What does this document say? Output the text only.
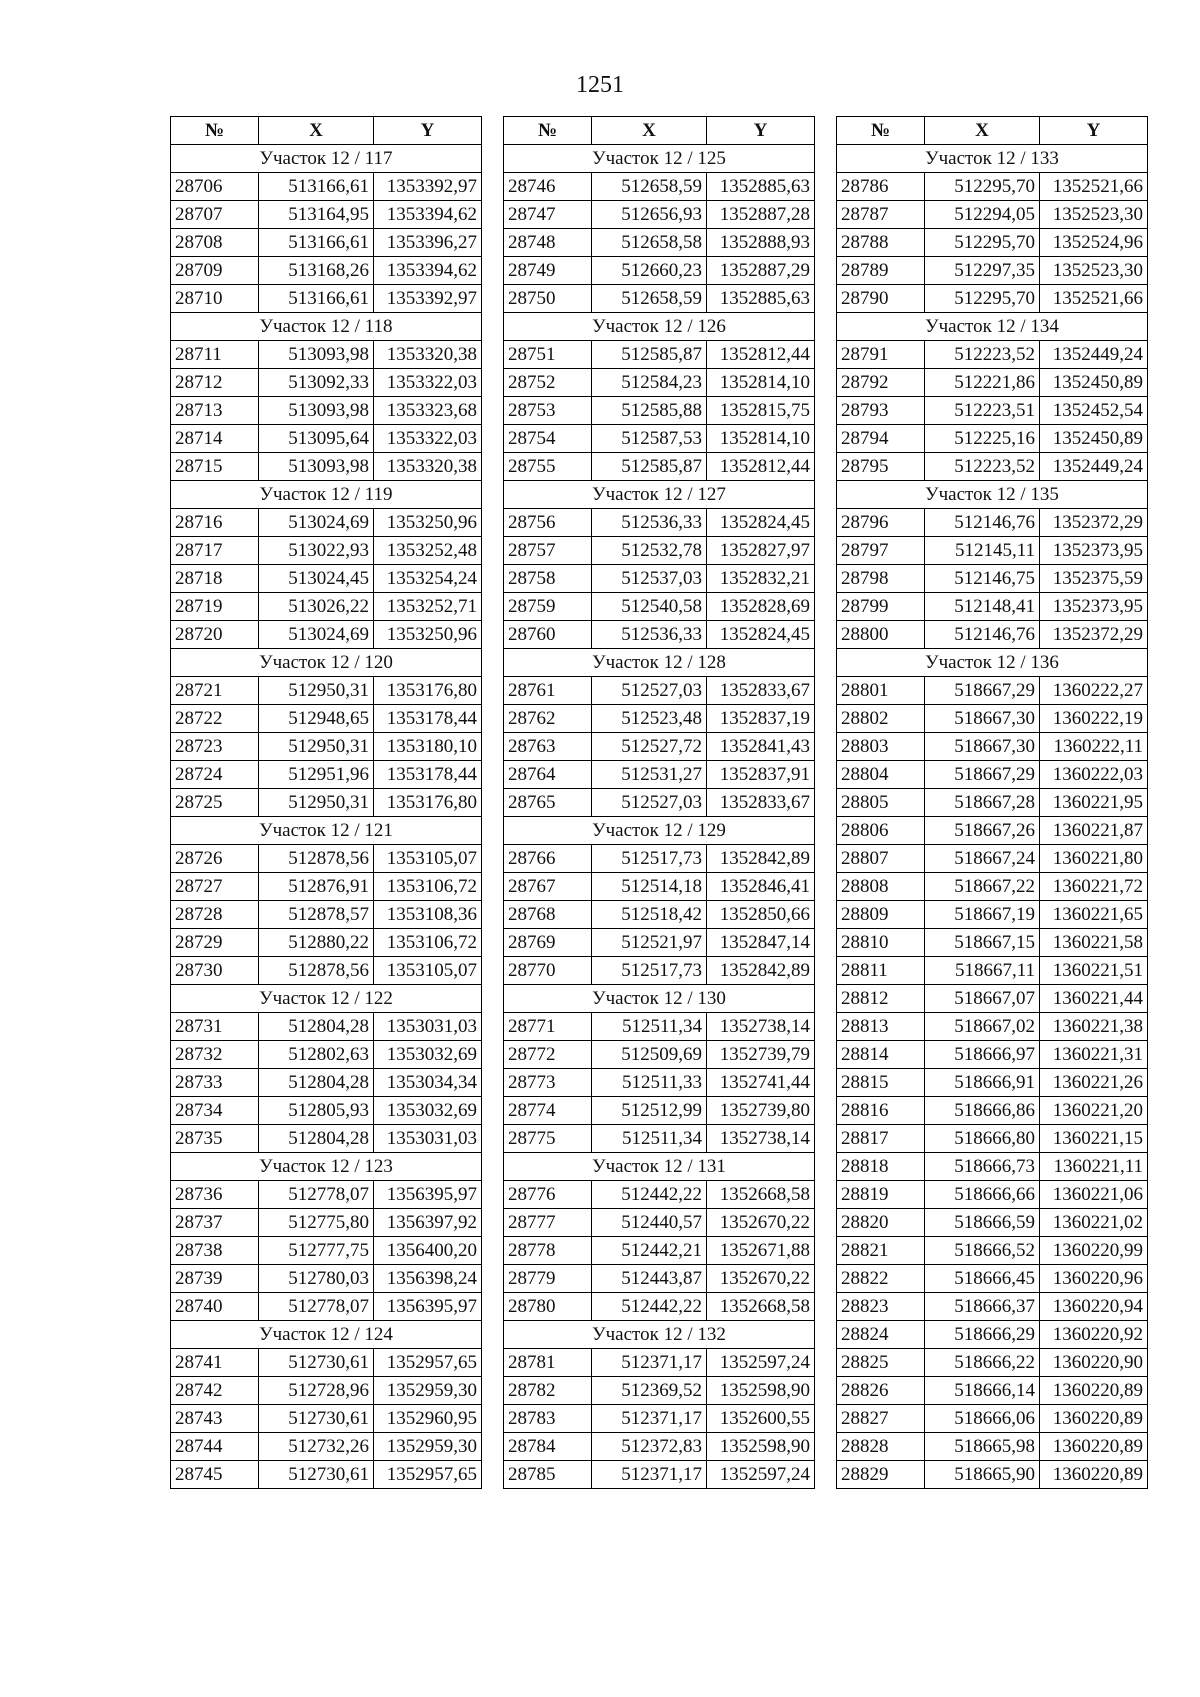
1251
№	X	Y
Участок 12 / 117		
28706	513166,61	1353392,97
28707	513164,95	1353394,62
28708	513166,61	1353396,27
28709	513168,26	1353394,62
28710	513166,61	1353392,97
Участок 12 / 118		
28711	513093,98	1353320,38
28712	513092,33	1353322,03
28713	513093,98	1353323,68
28714	513095,64	1353322,03
28715	513093,98	1353320,38
Участок 12 / 119		
28716	513024,69	1353250,96
28717	513022,93	1353252,48
28718	513024,45	1353254,24
28719	513026,22	1353252,71
28720	513024,69	1353250,96
Участок 12 / 120		
28721	512950,31	1353176,80
28722	512948,65	1353178,44
28723	512950,31	1353180,10
28724	512951,96	1353178,44
28725	512950,31	1353176,80
Участок 12 / 121		
28726	512878,56	1353105,07
28727	512876,91	1353106,72
28728	512878,57	1353108,36
28729	512880,22	1353106,72
28730	512878,56	1353105,07
Участок 12 / 122		
28731	512804,28	1353031,03
28732	512802,63	1353032,69
28733	512804,28	1353034,34
28734	512805,93	1353032,69
28735	512804,28	1353031,03
Участок 12 / 123		
28736	512778,07	1356395,97
28737	512775,80	1356397,92
28738	512777,75	1356400,20
28739	512780,03	1356398,24
28740	512778,07	1356395,97
Участок 12 / 124		
28741	512730,61	1352957,65
28742	512728,96	1352959,30
28743	512730,61	1352960,95
28744	512732,26	1352959,30
28745	512730,61	1352957,65
№	X	Y
Участок 12 / 125		
28746	512658,59	1352885,63
28747	512656,93	1352887,28
28748	512658,58	1352888,93
28749	512660,23	1352887,29
28750	512658,59	1352885,63
Участок 12 / 126		
28751	512585,87	1352812,44
28752	512584,23	1352814,10
28753	512585,88	1352815,75
28754	512587,53	1352814,10
28755	512585,87	1352812,44
Участок 12 / 127		
28756	512536,33	1352824,45
28757	512532,78	1352827,97
28758	512537,03	1352832,21
28759	512540,58	1352828,69
28760	512536,33	1352824,45
Участок 12 / 128		
28761	512527,03	1352833,67
28762	512523,48	1352837,19
28763	512527,72	1352841,43
28764	512531,27	1352837,91
28765	512527,03	1352833,67
Участок 12 / 129		
28766	512517,73	1352842,89
28767	512514,18	1352846,41
28768	512518,42	1352850,66
28769	512521,97	1352847,14
28770	512517,73	1352842,89
Участок 12 / 130		
28771	512511,34	1352738,14
28772	512509,69	1352739,79
28773	512511,33	1352741,44
28774	512512,99	1352739,80
28775	512511,34	1352738,14
Участок 12 / 131		
28776	512442,22	1352668,58
28777	512440,57	1352670,22
28778	512442,21	1352671,88
28779	512443,87	1352670,22
28780	512442,22	1352668,58
Участок 12 / 132		
28781	512371,17	1352597,24
28782	512369,52	1352598,90
28783	512371,17	1352600,55
28784	512372,83	1352598,90
28785	512371,17	1352597,24
№	X	Y
Участок 12 / 133		
28786	512295,70	1352521,66
28787	512294,05	1352523,30
28788	512295,70	1352524,96
28789	512297,35	1352523,30
28790	512295,70	1352521,66
Участок 12 / 134		
28791	512223,52	1352449,24
28792	512221,86	1352450,89
28793	512223,51	1352452,54
28794	512225,16	1352450,89
28795	512223,52	1352449,24
Участок 12 / 135		
28796	512146,76	1352372,29
28797	512145,11	1352373,95
28798	512146,75	1352375,59
28799	512148,41	1352373,95
28800	512146,76	1352372,29
Участок 12 / 136		
28801	518667,29	1360222,27
28802	518667,30	1360222,19
28803	518667,30	1360222,11
28804	518667,29	1360222,03
28805	518667,28	1360221,95
28806	518667,26	1360221,87
28807	518667,24	1360221,80
28808	518667,22	1360221,72
28809	518667,19	1360221,65
28810	518667,15	1360221,58
28811	518667,11	1360221,51
28812	518667,07	1360221,44
28813	518667,02	1360221,38
28814	518666,97	1360221,31
28815	518666,91	1360221,26
28816	518666,86	1360221,20
28817	518666,80	1360221,15
28818	518666,73	1360221,11
28819	518666,66	1360221,06
28820	518666,59	1360221,02
28821	518666,52	1360220,99
28822	518666,45	1360220,96
28823	518666,37	1360220,94
28824	518666,29	1360220,92
28825	518666,22	1360220,90
28826	518666,14	1360220,89
28827	518666,06	1360220,89
28828	518665,98	1360220,89
28829	518665,90	1360220,89
